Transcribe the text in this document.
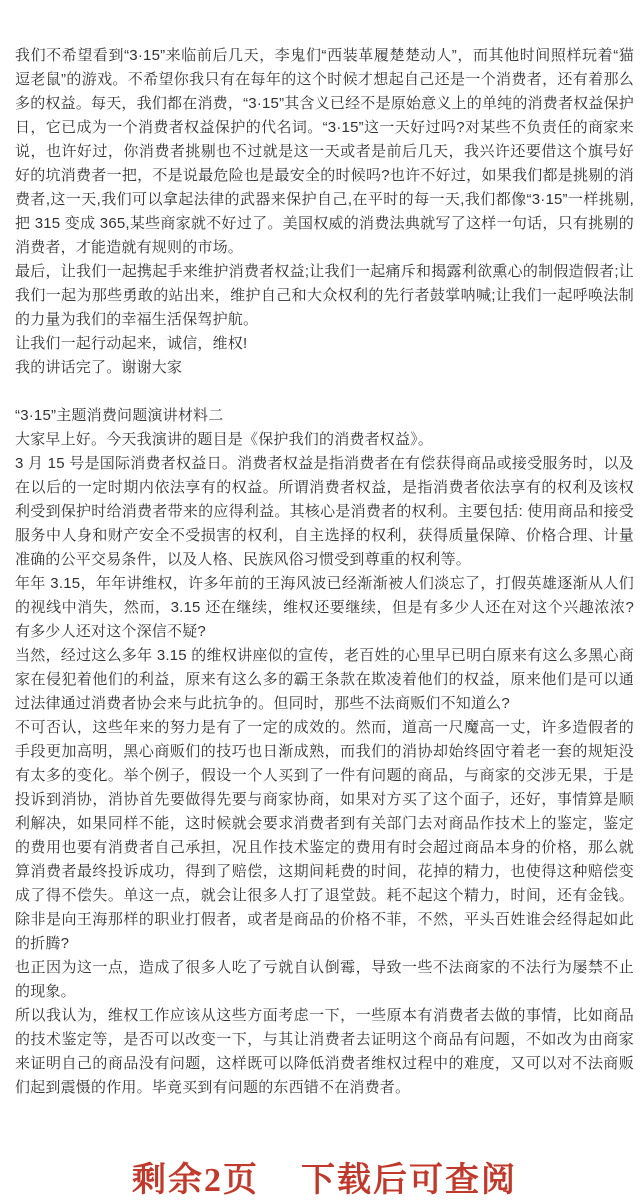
我们不希望看到“3·15”来临前后几天，李鬼们“西装革履楚楚动人”，而其他时间照样玩着“猫逗老鼠”的游戏。不希望你我只有在每年的这个时候才想起自己还是一个消费者，还有着那么多的权益。每天，我们都在消费，“3·15”其含义已经不是原始意义上的单纯的消费者权益保护日，它已成为一个消费者权益保护的代名词。“3·15”这一天好过吗?对某些不负责任的商家来说，也许好过，你消费者挑剔也不过就是这一天或者是前后几天，我兴许还要借这个旗号好好的坑消费者一把，不是说最危险也是最安全的时候吗?也许不好过，如果我们都是挑剔的消费者,这一天,我们可以拿起法律的武器来保护自己,在平时的每一天,我们都像“3·15”一样挑剔,把 315 变成 365,某些商家就不好过了。美国权威的消费法典就写了这样一句话，只有挑剔的消费者，才能造就有规则的市场。

最后，让我们一起携起手来维护消费者权益;让我们一起痛斥和揭露利欲熏心的制假造假者;让我们一起为那些勇敢的站出来，维护自己和大众权利的先行者鼓掌呐喊;让我们一起呼唤法制的力量为我们的幸福生活保驾护航。

让我们一起行动起来，诚信，维权!

我的讲话完了。谢谢大家

“3·15”主题消费问题演讲材料二

大家早上好。今天我演讲的题目是《保护我们的消费者权益》。

3 月 15 号是国际消费者权益日。消费者权益是指消费者在有偿获得商品或接受服务时，以及在以后的一定时期内依法享有的权益。所谓消费者权益，是指消费者依法享有的权利及该权利受到保护时给消费者带来的应得利益。其核心是消费者的权利。主要包括: 使用商品和接受服务中人身和财产安全不受损害的权利，自主选择的权利，获得质量保障、价格合理、计量准确的公平交易条件，以及人格、民族风俗习惯受到尊重的权利等。

年年 3.15，年年讲维权，许多年前的王海风波已经渐渐被人们淡忘了，打假英雄逐渐从人们的视线中消失，然而，3.15 还在继续，维权还要继续，但是有多少人还在对这个兴趣浓浓?有多少人还对这个深信不疑?

当然，经过这么多年 3.15 的维权讲座似的宣传，老百姓的心里早已明白原来有这么多黑心商家在侵犯着他们的利益，原来有这么多的霸王条款在欺凌着他们的权益，原来他们是可以通过法律通过消费者协会来与此抗争的。但同时，那些不法商贩们不知道么?

不可否认，这些年来的努力是有了一定的成效的。然而，道高一尺魔高一丈，许多造假者的手段更加高明，黑心商贩们的技巧也日渐成熟，而我们的消协却始终固守着老一套的规矩没有太多的变化。举个例子，假设一个人买到了一件有问题的商品，与商家的交涉无果，于是投诉到消协，消协首先要做得先要与商家协商，如果对方买了这个面子，还好，事情算是顺利解决，如果同样不能，这时候就会要求消费者到有关部门去对商品作技术上的鉴定，鉴定的费用也要有消费者自己承担，况且作技术鉴定的费用有时会超过商品本身的价格，那么就算消费者最终投诉成功，得到了赔偿，这期间耗费的时间，花掉的精力，也使得这种赔偿变成了得不偿失。单这一点，就会让很多人打了退堂鼓。耗不起这个精力，时间，还有金钱。除非是向王海那样的职业打假者，或者是商品的价格不菲，不然，平头百姓谁会经得起如此的折腾?

也正因为这一点，造成了很多人吃了亏就自认倒霉，导致一些不法商家的不法行为屡禁不止的现象。

所以我认为，维权工作应该从这些方面考虑一下，一些原本有消费者去做的事情，比如商品的技术鉴定等，是否可以改变一下，与其让消费者去证明这个商品有问题，不如改为由商家来证明自己的商品没有问题，这样既可以降低消费者维权过程中的难度，又可以对不法商贩们起到震慑的作用。毕竟买到有问题的东西错不在消费者。

剩余2页 下载后可查阅
